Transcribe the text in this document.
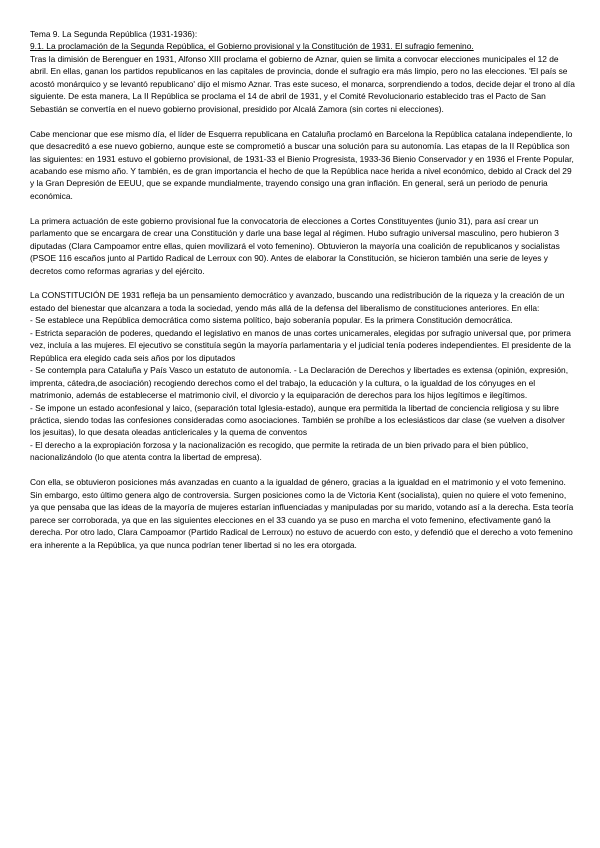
Tema 9. La Segunda República (1931-1936):

9.1. La proclamación de la Segunda República, el Gobierno provisional y la Constitución de 1931. El sufragio femenino.

Tras la dimisión de Berenguer en 1931, Alfonso XIII proclama el gobierno de Aznar, quien se limita a convocar elecciones municipales el 12 de abril. En ellas, ganan los partidos republicanos en las capitales de provincia, donde el sufragio era más limpio, pero no las elecciones. 'El país se acostó monárquico y se levantó republicano' dijo el mismo Aznar. Tras este suceso, el monarca, sorprendiendo a todos, decide dejar el trono al día siguiente. De esta manera, La II República se proclama el 14 de abril de 1931, y el Comité Revolucionario establecido tras el Pacto de San Sebastián se convertía en el nuevo gobierno provisional, presidido por Alcalá Zamora (sin cortes ni elecciones).

Cabe mencionar que ese mismo día, el líder de Esquerra republicana en Cataluña proclamó en Barcelona la República catalana independiente, lo que desacreditó a ese nuevo gobierno, aunque este se comprometió a buscar una solución para su autonomía. Las etapas de la II República son las siguientes: en 1931 estuvo el gobierno provisional, de 1931-33 el Bienio Progresista, 1933-36 Bienio Conservador y en 1936 el Frente Popular, acabando ese mismo año. Y también, es de gran importancia el hecho de que la República nace herida a nivel económico, debido al Crack del 29 y la Gran Depresión de EEUU, que se expande mundialmente, trayendo consigo una gran inflación. En general, será un periodo de penuria económica.

La primera actuación de este gobierno provisional fue la convocatoria de elecciones a Cortes Constituyentes (junio 31), para así crear un parlamento que se encargara de crear una Constitución y darle una base legal al régimen. Hubo sufragio universal masculino, pero hubieron 3 diputadas (Clara Campoamor entre ellas, quien movilizará el voto femenino). Obtuvieron la mayoría una coalición de republicanos y socialistas (PSOE 116 escaños junto al Partido Radical de Lerroux con 90). Antes de elaborar la Constitución, se hicieron también una serie de leyes y decretos como reformas agrarias y del ejército.

La CONSTITUCIÓN DE 1931 refleja ba un pensamiento democrático y avanzado, buscando una redistribución de la riqueza y la creación de un estado del bienestar que alcanzara a toda la sociedad, yendo más allá de la defensa del liberalismo de constituciones anteriores. En ella:

- Se establece una República democrática como sistema político, bajo soberanía popular. Es la primera Constitución democrática.
- Estricta separación de poderes, quedando el legislativo en manos de unas cortes unicamerales, elegidas por sufragio universal que, por primera vez, incluía a las mujeres. El ejecutivo se constituía según la mayoría parlamentaria y el judicial tenía poderes independientes. El presidente de la República era elegido cada seis años por los diputados
- Se contempla para Cataluña y País Vasco un estatuto de autonomía. - La Declaración de Derechos y libertades es extensa (opinión, expresión, imprenta, cátedra,de asociación) recogiendo derechos como el del trabajo, la educación y la cultura, o la igualdad de los cónyuges en el matrimonio, además de establecerse el matrimonio civil, el divorcio y la equiparación de derechos para los hijos legítimos e ilegítimos.
- Se impone un estado aconfesional y laico, (separación total Iglesia-estado), aunque era permitida la libertad de conciencia religiosa y su libre práctica, siendo todas las confesiones consideradas como asociaciones. También se prohíbe a los eclesiásticos dar clase (se vuelven a disolver los jesuitas), lo que desata oleadas anticlericales y la quema de conventos
- El derecho a la expropiación forzosa y la nacionalización es recogido, que permite la retirada de un bien privado para el bien público, nacionalizándolo (lo que atenta contra la libertad de empresa).

Con ella, se obtuvieron posiciones más avanzadas en cuanto a la igualdad de género, gracias a la igualdad en el matrimonio y el voto femenino. Sin embargo, esto último genera algo de controversia. Surgen posiciones como la de Victoria Kent (socialista), quien no quiere el voto femenino, ya que pensaba que las ideas de la mayoría de mujeres estarían influenciadas y manipuladas por su marido, votando así a la derecha. Esta teoría parece ser corroborada, ya que en las siguientes elecciones en el 33 cuando ya se puso en marcha el voto femenino, efectivamente ganó la derecha. Por otro lado, Clara Campoamor (Partido Radical de Lerroux) no estuvo de acuerdo con esto, y defendió que el derecho a voto femenino era inherente a la República, ya que nunca podrían tener libertad si no les era otorgada.
